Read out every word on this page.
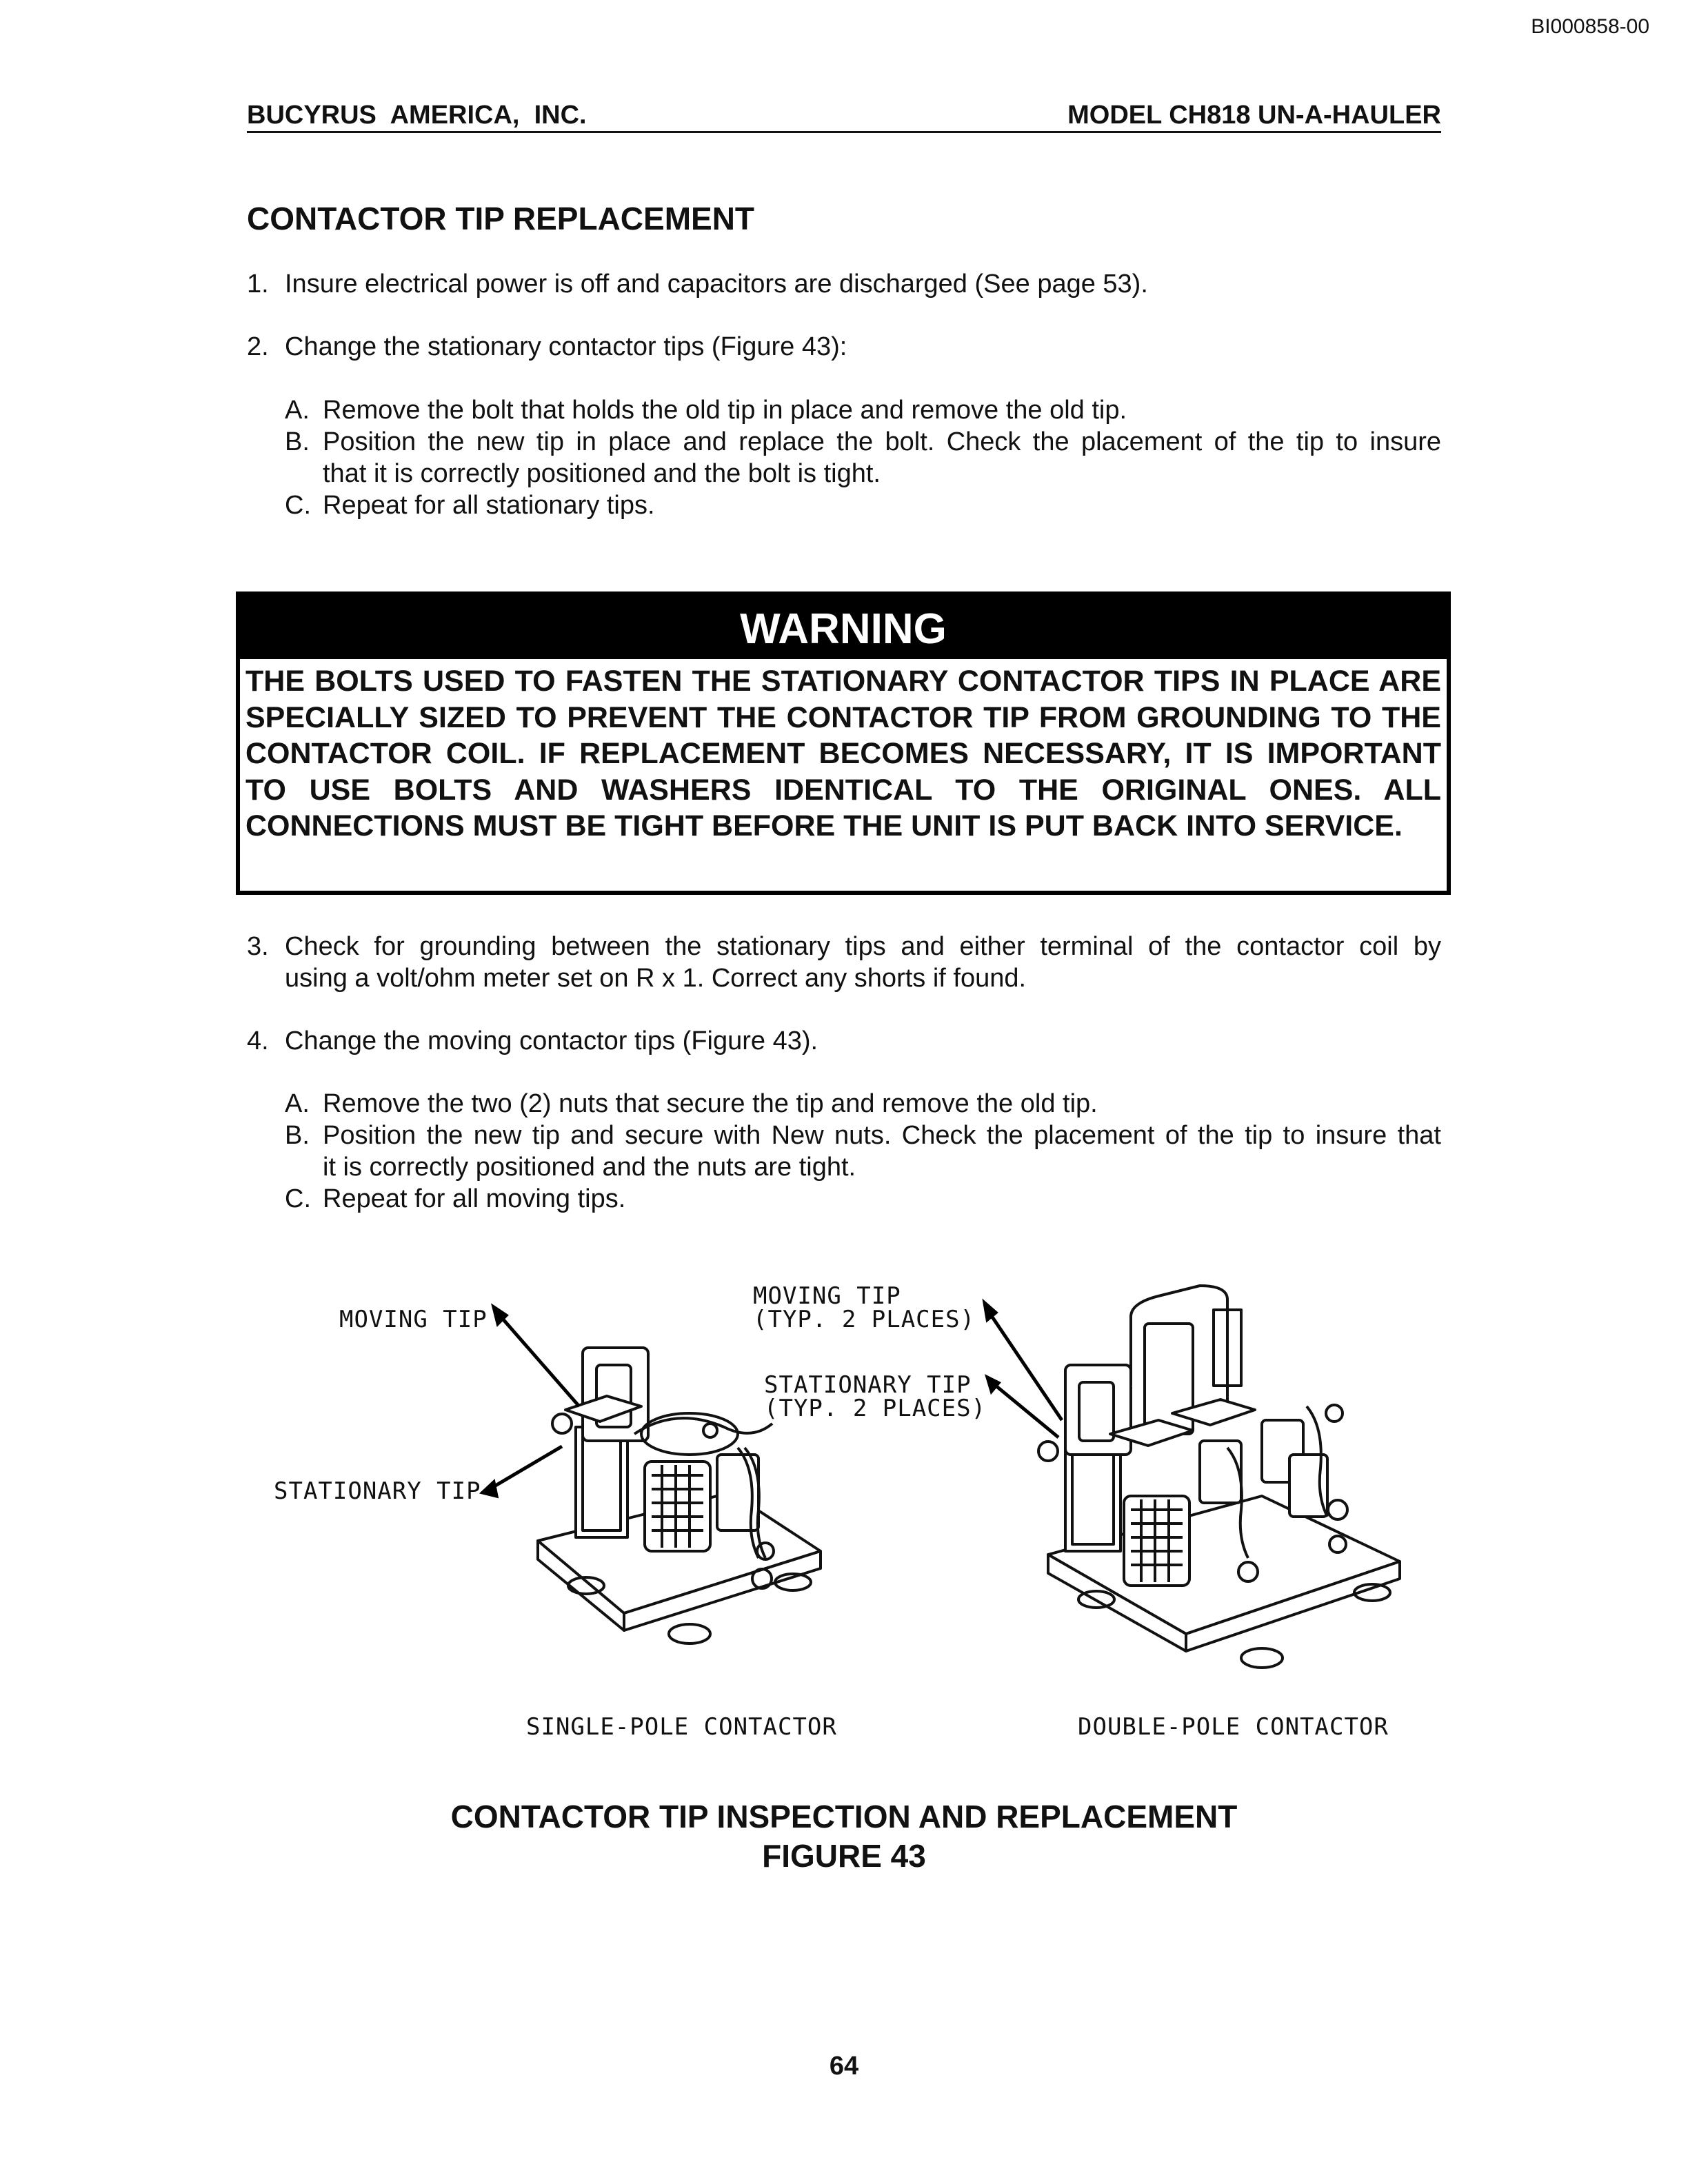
BI000858-00
BUCYRUS  AMERICA,  INC.	MODEL CH818 UN-A-HAULER
CONTACTOR TIP REPLACEMENT
1. Insure electrical power is off and capacitors are discharged (See page 53).
2. Change the stationary contactor tips (Figure 43):
A. Remove the bolt that holds the old tip in place and remove the old tip.
B. Position the new tip in place and replace the bolt. Check the placement of the tip to insure
that it is correctly positioned and the bolt is tight.
C. Repeat for all stationary tips.
WARNING
THE BOLTS USED TO FASTEN THE STATIONARY CONTACTOR TIPS IN PLACE ARE SPECIALLY SIZED TO PREVENT THE CONTACTOR TIP FROM GROUNDING TO THE CONTACTOR COIL. IF REPLACEMENT BECOMES NECESSARY, IT IS IMPORTANT TO USE BOLTS AND WASHERS IDENTICAL TO THE ORIGINAL ONES. ALL CONNECTIONS MUST BE TIGHT BEFORE THE UNIT IS PUT BACK INTO SERVICE.
3. Check for grounding between the stationary tips and either terminal of the contactor coil by
using a volt/ohm meter set on R x 1. Correct any shorts if found.
4. Change the moving contactor tips (Figure 43).
A. Remove the two (2) nuts that secure the tip and remove the old tip.
B. Position the new tip and secure with New nuts. Check the placement of the tip to insure that
it is correctly positioned and the nuts are tight.
C. Repeat for all moving tips.
MOVING TIP
STATIONARY TIP
MOVING TIP
(TYP. 2 PLACES)
STATIONARY TIP
(TYP. 2 PLACES)
SINGLE-POLE CONTACTOR	DOUBLE-POLE CONTACTOR
CONTACTOR TIP INSPECTION AND REPLACEMENT
FIGURE 43
64
